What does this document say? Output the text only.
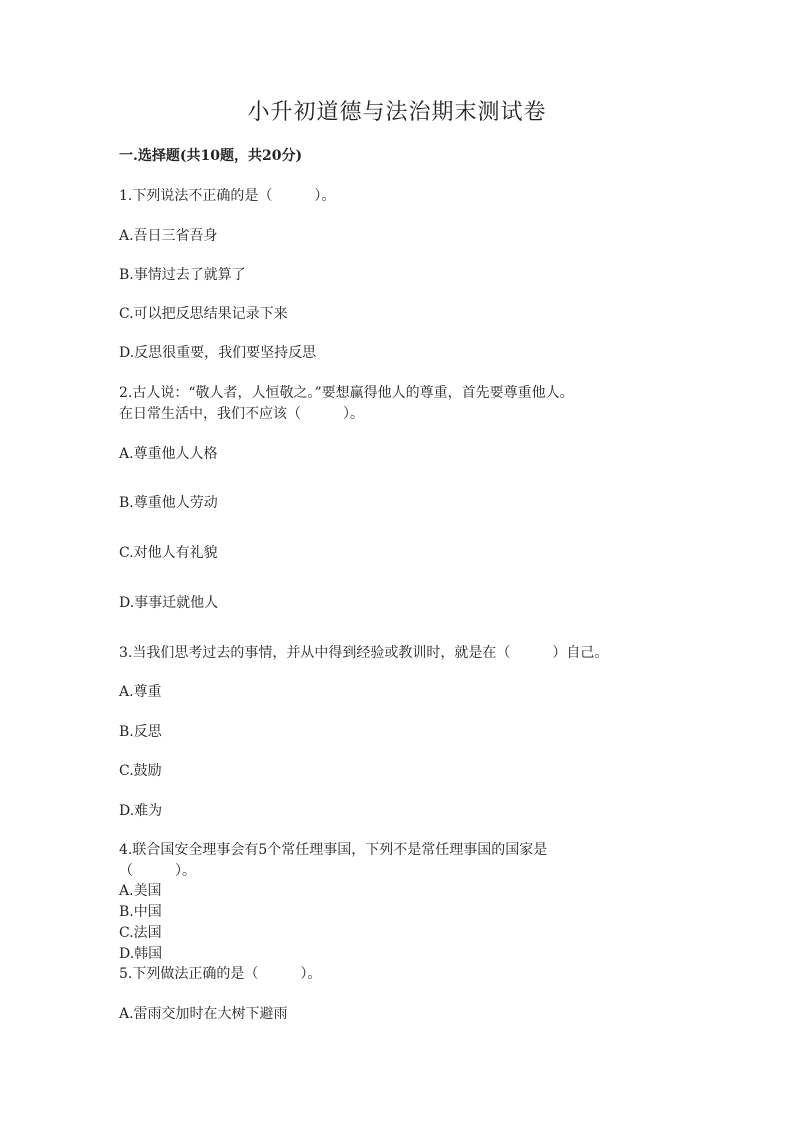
小升初道德与法治期末测试卷
一.选择题(共10题，共20分)
1.下列说法不正确的是（　　　）。
A.吾日三省吾身
B.事情过去了就算了
C.可以把反思结果记录下来
D.反思很重要，我们要坚持反思
2.古人说：“敬人者，人恒敬之。”要想赢得他人的尊重，首先要尊重他人。
在日常生活中，我们不应该（　　　）。
A.尊重他人人格
B.尊重他人劳动
C.对他人有礼貌
D.事事迁就他人
3.当我们思考过去的事情，并从中得到经验或教训时，就是在（　　　）自己。
A.尊重
B.反思
C.鼓励
D.难为
4.联合国安全理事会有5个常任理事国，下列不是常任理事国的国家是
（　　　）。
A.美国
B.中国
C.法国
D.韩国
5.下列做法正确的是（　　　）。
A.雷雨交加时在大树下避雨
